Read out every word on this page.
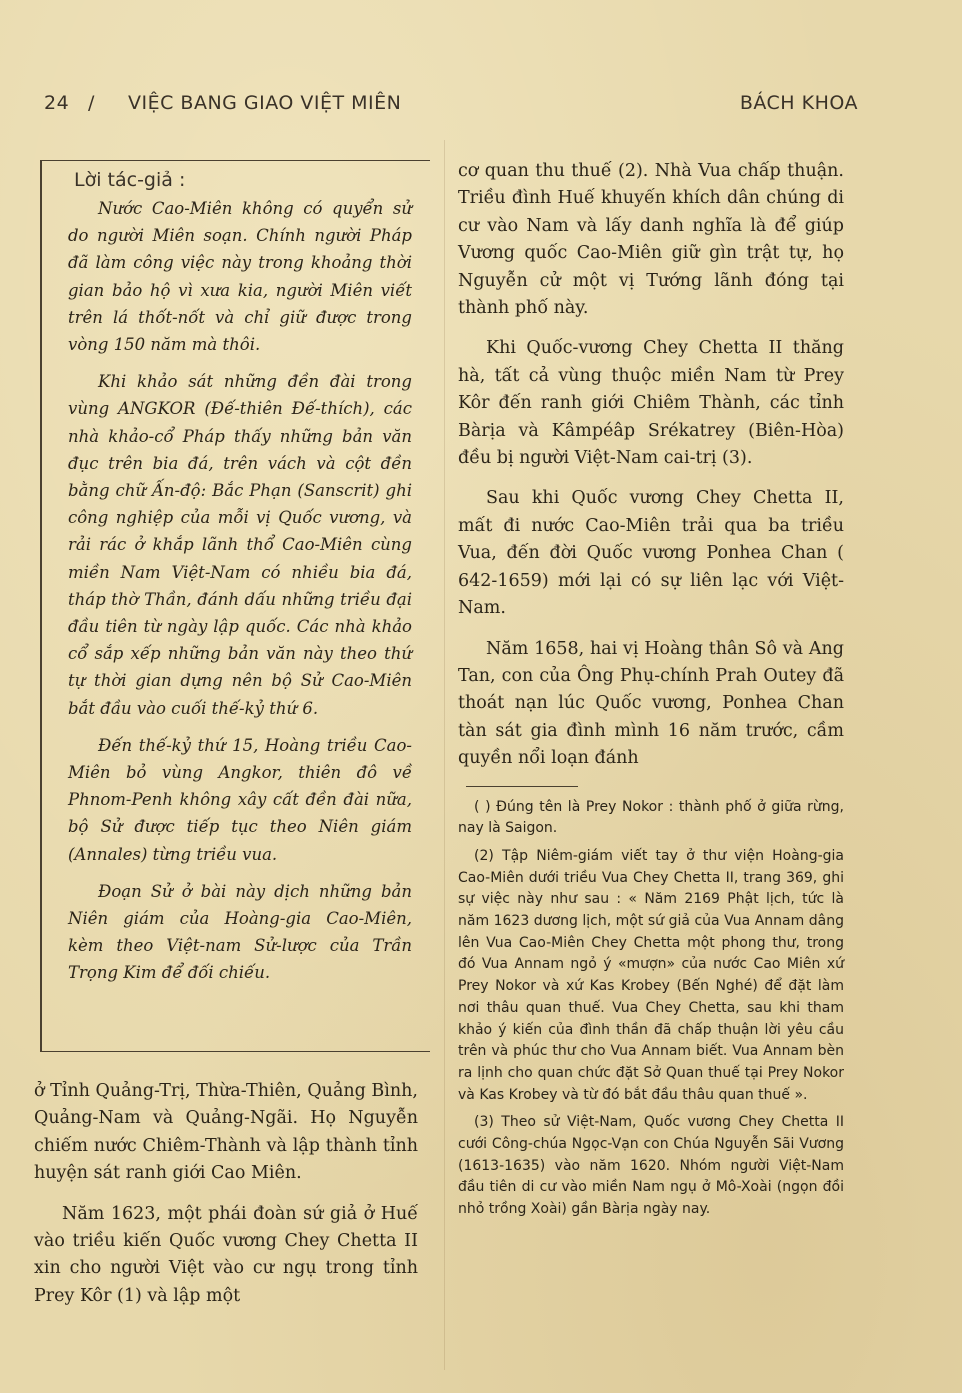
24 / VIỆC BANG GIAO VIỆT MIÊN	BÁCH KHOA
Lời tác-giả :

Nước Cao-Miên không có quyển sử do người Miên soạn. Chính người Pháp đã làm công việc này trong khoảng thời gian bảo hộ vì xưa kia, người Miên viết trên lá thốt-nốt và chỉ giữ được trong vòng 150 năm mà thôi.

Khi khảo sát những đền đài trong vùng ANGKOR (Đế-thiên Đế-thích), các nhà khảo-cổ Pháp thấy những bản văn đục trên bia đá, trên vách và cột đền bằng chữ Ấn-độ: Bắc Phạn (Sanscrit) ghi công nghiệp của mỗi vị Quốc vương, và rải rác ở khắp lãnh thổ Cao-Miên cùng miền Nam Việt-Nam có nhiều bia đá, tháp thờ Thần, đánh dấu những triều đại đầu tiên từ ngày lập quốc. Các nhà khảo cổ sắp xếp những bản văn này theo thứ tự thời gian dựng nên bộ Sử Cao-Miên bắt đầu vào cuối thế-kỷ thứ 6.

Đến thế-kỷ thứ 15, Hoàng triều Cao-Miên bỏ vùng Angkor, thiên đô về Phnom-Penh không xây cất đền đài nữa, bộ Sử được tiếp tục theo Niên giám (Annales) từng triều vua.

Đoạn Sử ở bài này dịch những bản Niên giám của Hoàng-gia Cao-Miên, kèm theo Việt-nam Sử-lược của Trần Trọng Kim để đối chiếu.

ở Tỉnh Quảng-Trị, Thừa-Thiên, Quảng Bình, Quảng-Nam và Quảng-Ngãi. Họ Nguyễn chiếm nước Chiêm-Thành và lập thành tỉnh huyện sát ranh giới Cao Miên.

Năm 1623, một phái đoàn sứ giả ở Huế vào triều kiến Quốc vương Chey Chetta II xin cho người Việt vào cư ngụ trong tỉnh Prey Kôr (1) và lập một

cơ quan thu thuế (2). Nhà Vua chấp thuận. Triều đình Huế khuyến khích dân chúng di cư vào Nam và lấy danh nghĩa là để giúp Vương quốc Cao-Miên giữ gìn trật tự, họ Nguyễn cử một vị Tướng lãnh đóng tại thành phố này.

Khi Quốc-vương Chey Chetta II thăng hà, tất cả vùng thuộc miền Nam từ Prey Kôr đến ranh giới Chiêm Thành, các tỉnh Bàrịa và Kâmpéâp Srékatrey (Biên-Hòa) đều bị người Việt-Nam cai-trị (3).

Sau khi Quốc vương Chey Chetta II, mất đi nước Cao-Miên trải qua ba triều Vua, đến đời Quốc vương Ponhea Chan ( 642-1659) mới lại có sự liên lạc với Việt-Nam.

Năm 1658, hai vị Hoàng thân Sô và Ang Tan, con của Ông Phụ-chính Prah Outey đã thoát nạn lúc Quốc vương, Ponhea Chan tàn sát gia đình mình 16 năm trước, cầm quyền nổi loạn đánh

( ) Đúng tên là Prey Nokor : thành phố ở giữa rừng, nay là Saigon.

(2) Tập Niêm-giám viết tay ở thư viện Hoàng-gia Cao-Miên dưới triều Vua Chey Chetta II, trang 369, ghi sự việc này như sau : « Năm 2169 Phật lịch, tức là năm 1623 dương lịch, một sứ giả của Vua Annam dâng lên Vua Cao-Miên Chey Chetta một phong thư, trong đó Vua Annam ngỏ ý «mượn» của nước Cao Miên xứ Prey Nokor và xứ Kas Krobey (Bến Nghé) để đặt làm nơi thâu quan thuế. Vua Chey Chetta, sau khi tham khảo ý kiến của đình thần đã chấp thuận lời yêu cầu trên và phúc thư cho Vua Annam biết. Vua Annam bèn ra lịnh cho quan chức đặt Sở Quan thuế tại Prey Nokor và Kas Krobey và từ đó bắt đầu thâu quan thuế ».

(3) Theo sử Việt-Nam, Quốc vương Chey Chetta II cưới Công-chúa Ngọc-Vạn con Chúa Nguyễn Sãi Vương (1613-1635) vào năm 1620. Nhóm người Việt-Nam đầu tiên di cư vào miền Nam ngụ ở Mô-Xoài (ngọn đồi nhỏ trồng Xoài) gần Bàrịa ngày nay.
